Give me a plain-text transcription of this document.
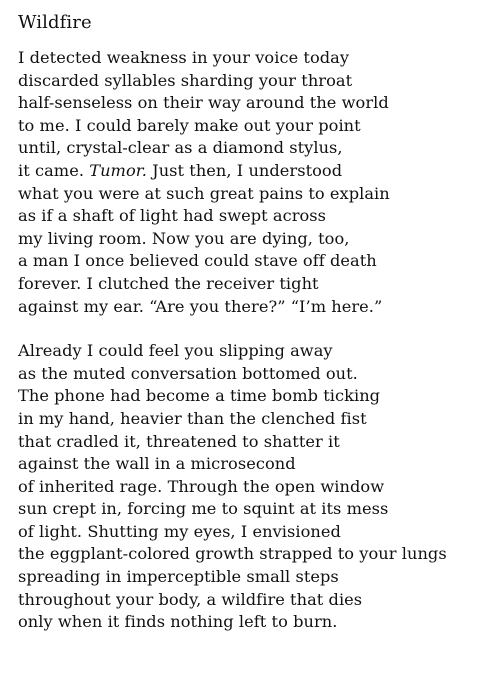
Wildfire
I detected weakness in your voice today
discarded syllables sharding your throat
half-senseless on their way around the world
to me. I could barely make out your point
until, crystal-clear as a diamond stylus,
it came. Tumor. Just then, I understood
what you were at such great pains to explain
as if a shaft of light had swept across
my living room. Now you are dying, too,
a man I once believed could stave off death
forever. I clutched the receiver tight
against my ear. “Are you there?” “I’m here.”
Already I could feel you slipping away
as the muted conversation bottomed out.
The phone had become a time bomb ticking
in my hand, heavier than the clenched fist
that cradled it, threatened to shatter it
against the wall in a microsecond
of inherited rage. Through the open window
sun crept in, forcing me to squint at its mess
of light. Shutting my eyes, I envisioned
the eggplant-colored growth strapped to your lungs
spreading in imperceptible small steps
throughout your body, a wildfire that dies
only when it finds nothing left to burn.
